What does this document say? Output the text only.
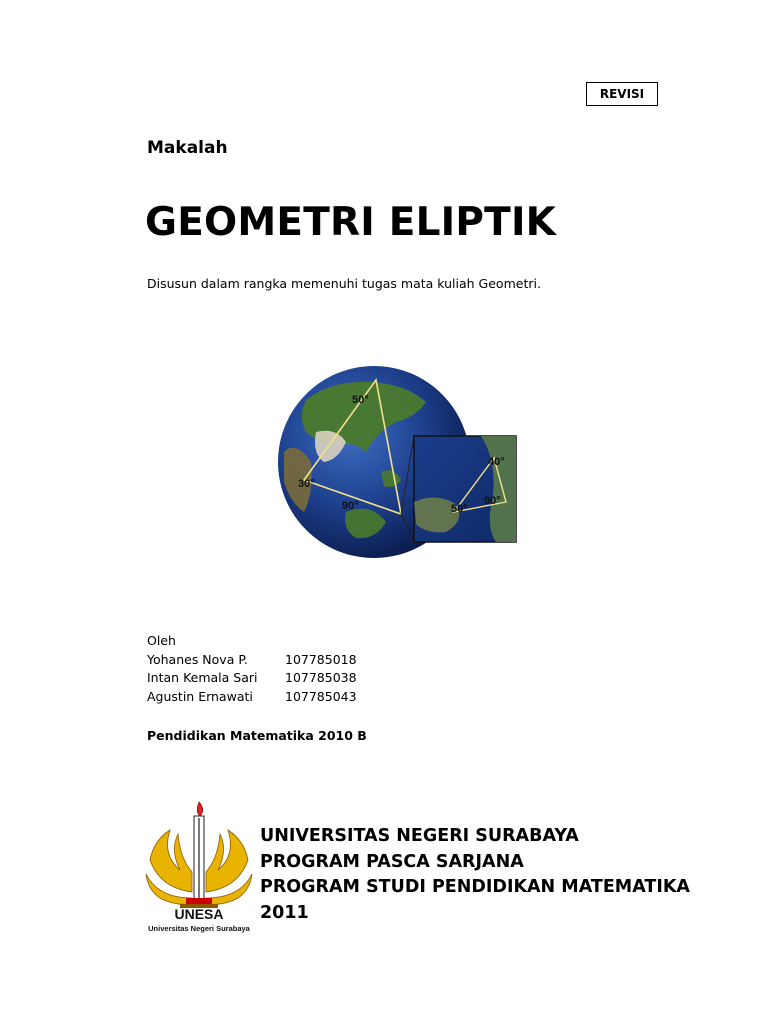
REVISI
Makalah
GEOMETRI ELIPTIK
Disusun dalam rangka memenuhi tugas mata kuliah Geometri.
50°
30°
90°
40°
90°
50°
Oleh
Yohanes Nova P.	107785018
Intan Kemala Sari	107785038
Agustin Ernawati	107785043
Pendidikan Matematika 2010 B
UNESA
Universitas Negeri Surabaya
UNIVERSITAS NEGERI SURABAYA
PROGRAM PASCA SARJANA
PROGRAM STUDI PENDIDIKAN MATEMATIKA
2011
